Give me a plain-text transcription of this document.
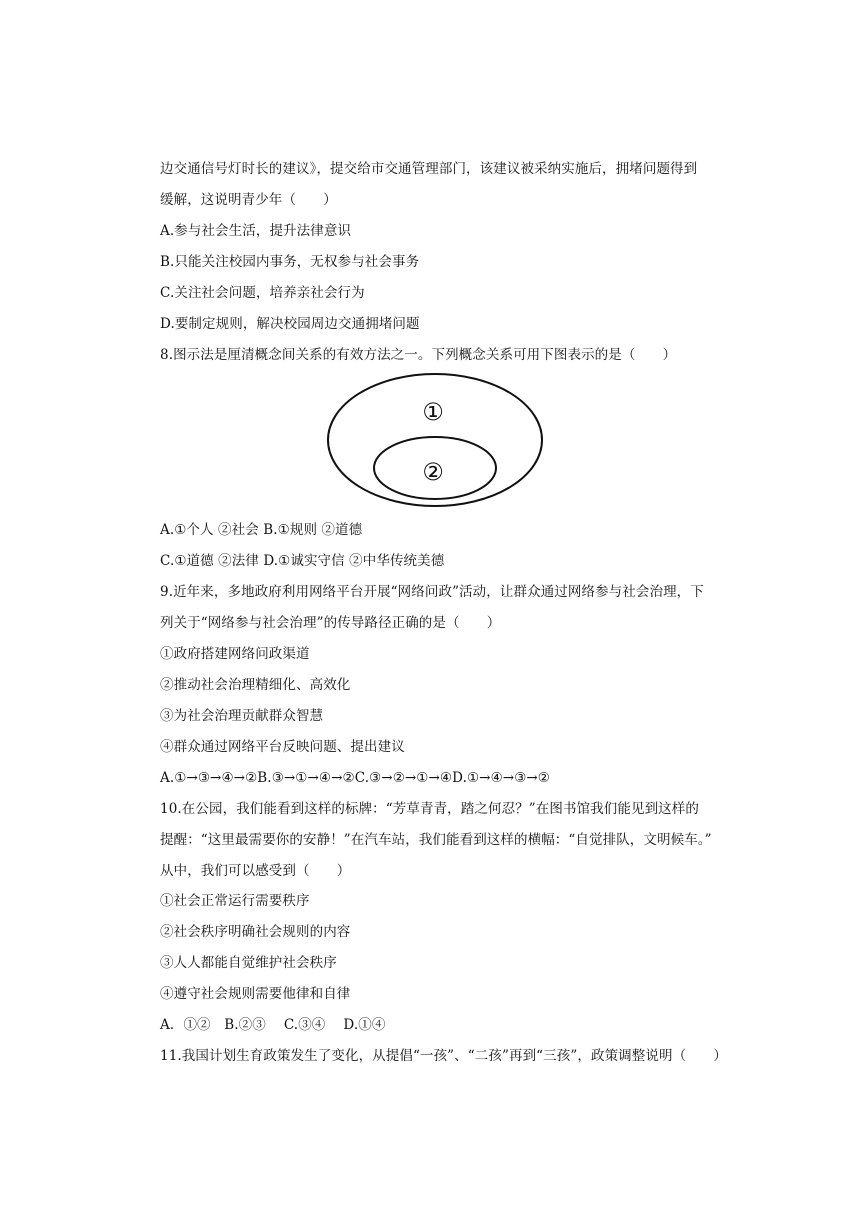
边交通信号灯时长的建议》，提交给市交通管理部门，该建议被采纳实施后，拥堵问题得到
缓解，这说明青少年（　　）
A.参与社会生活，提升法律意识
B.只能关注校园内事务，无权参与社会事务
C.关注社会问题，培养亲社会行为
D.要制定规则，解决校园周边交通拥堵问题
8.图示法是厘清概念间关系的有效方法之一。下列概念关系可用下图表示的是（　　）
①
②
A.①个人 ②社会 B.①规则 ②道德
C.①道德 ②法律 D.①诚实守信 ②中华传统美德
9.近年来，多地政府利用网络平台开展“网络问政”活动，让群众通过网络参与社会治理，下
列关于“网络参与社会治理”的传导路径正确的是（　　）
①政府搭建网络问政渠道
②推动社会治理精细化、高效化
③为社会治理贡献群众智慧
④群众通过网络平台反映问题、提出建议
A.①→③→④→②B.③→①→④→②C.③→②→①→④D.①→④→③→②
10.在公园，我们能看到这样的标牌：“芳草青青，踏之何忍？”在图书馆我们能见到这样的
提醒：“这里最需要你的安静！”在汽车站，我们能看到这样的横幅：“自觉排队，文明候车。”
从中，我们可以感受到（　　）
①社会正常运行需要秩序
②社会秩序明确社会规则的内容
③人人都能自觉维护社会秩序
④遵守社会规则需要他律和自律
A．①②　B.②③　 C.③④　 D.①④
11.我国计划生育政策发生了变化，从提倡“一孩”、“二孩”再到“三孩”，政策调整说明（　　）
